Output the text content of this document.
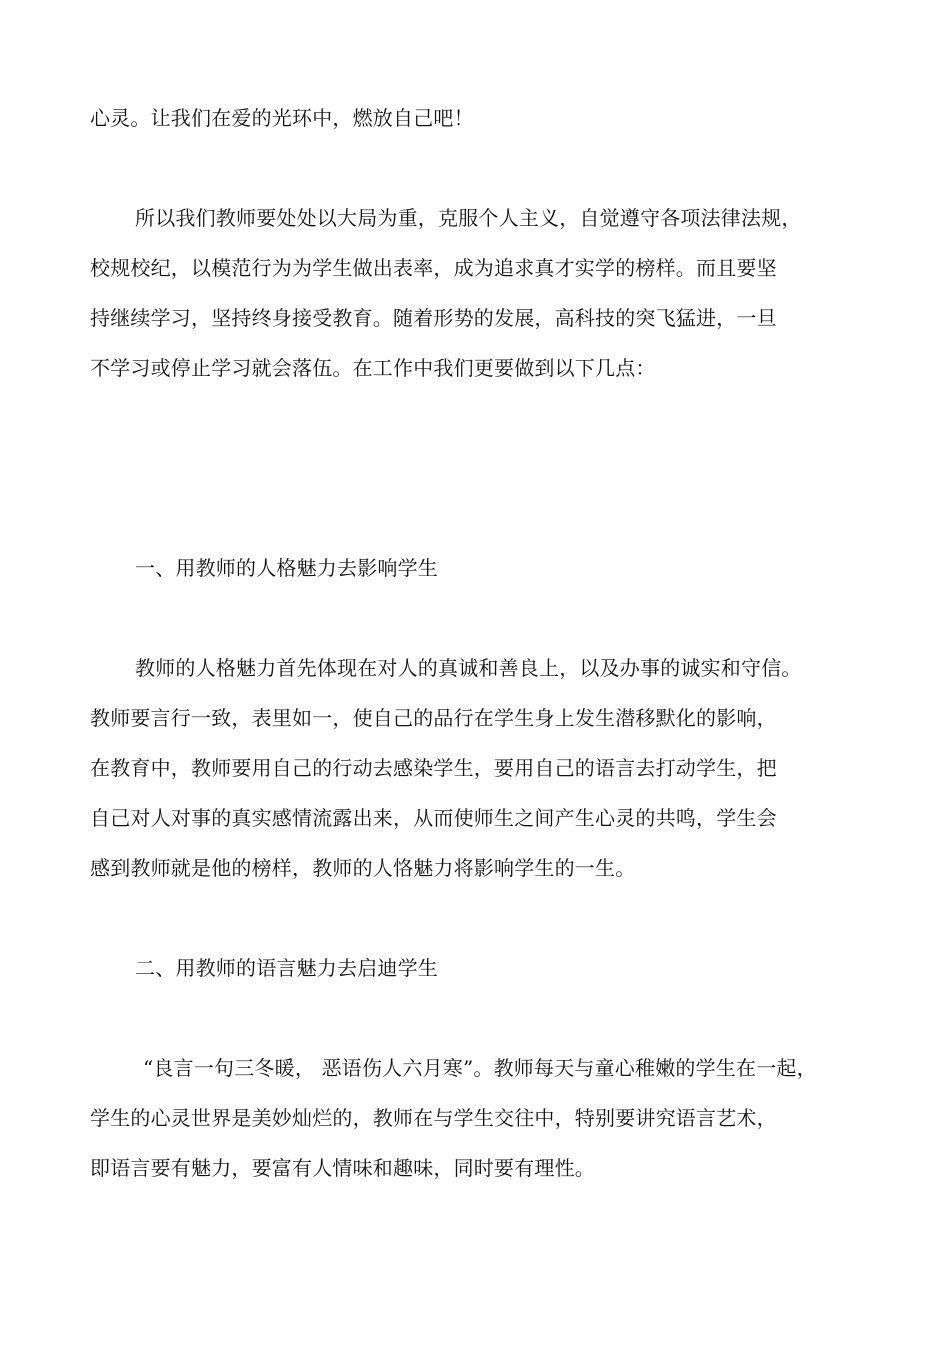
心灵。让我们在爱的光环中，燃放自己吧！
所以我们教师要处处以大局为重，克服个人主义，自觉遵守各项法律法规，
校规校纪，以模范行为为学生做出表率，成为追求真才实学的榜样。而且要坚
持继续学习，坚持终身接受教育。随着形势的发展，高科技的突飞猛进，一旦
不学习或停止学习就会落伍。在工作中我们更要做到以下几点：
一、用教师的人格魅力去影响学生
教师的人格魅力首先体现在对人的真诚和善良上，以及办事的诚实和守信。
教师要言行一致，表里如一，使自己的品行在学生身上发生潜移默化的影响，
在教育中，教师要用自己的行动去感染学生，要用自己的语言去打动学生，把
自己对人对事的真实感情流露出来，从而使师生之间产生心灵的共鸣，学生会
感到教师就是他的榜样，教师的人恪魅力将影响学生的一生。
二、用教师的语言魅力去启迪学生
“良言一句三冬暖， 恶语伤人六月寒”。教师每天与童心稚嫩的学生在一起，
学生的心灵世界是美妙灿烂的，教师在与学生交往中，特别要讲究语言艺术，
即语言要有魅力，要富有人情味和趣味，同时要有理性。
